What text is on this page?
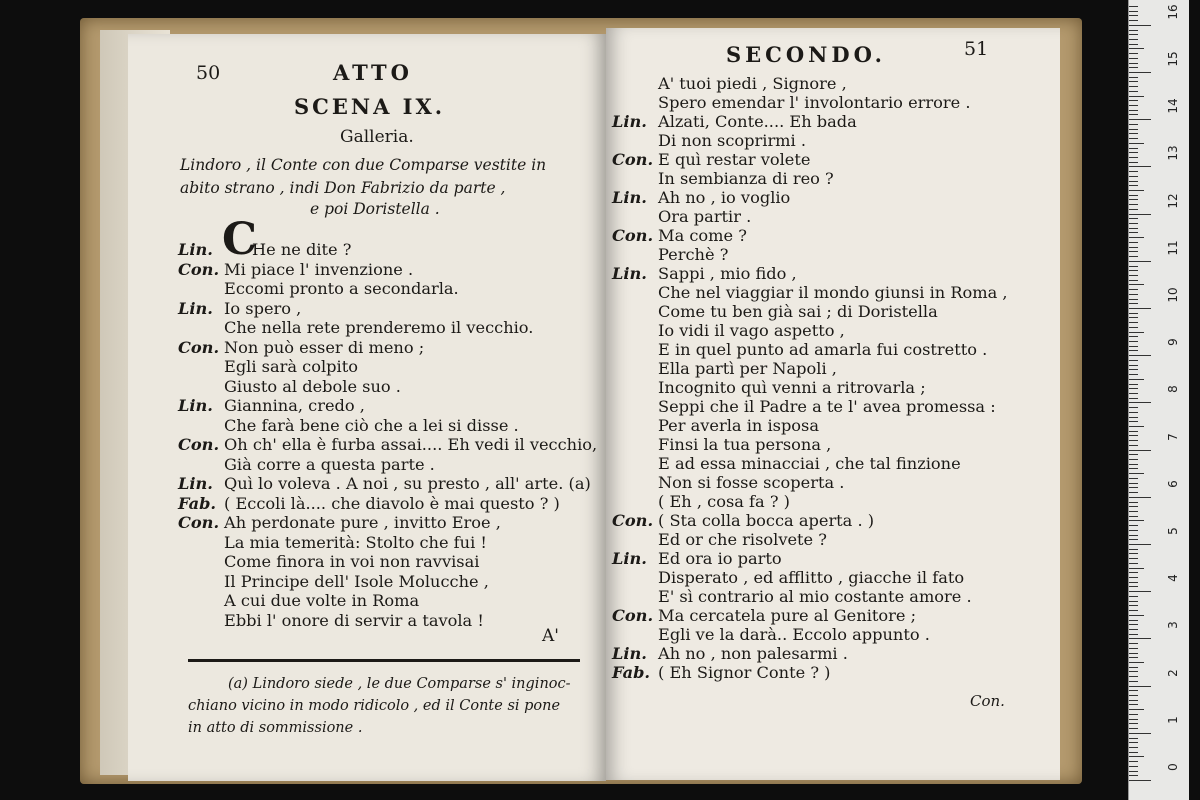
50	ATTO
SCENA IX.
Galleria.
Lindoro , il Conte con due Comparse vestite in
abito strano , indi Don Fabrizio da parte ,
e poi Doristella .
Lin. C
He ne dite ?
Con. Mi piace l' invenzione .
Eccomi pronto a secondarla.
Lin. Io spero ,
Che nella rete prenderemo il vecchio.
Con. Non può esser di meno ;
Egli sarà colpito
Giusto al debole suo .
Lin. Giannina, credo ,
Che farà bene ciò che a lei si disse .
Con. Oh ch' ella è furba assai.... Eh vedi il vecchio,
Già corre a questa parte .
Lin. Quì lo voleva . A noi , su presto , all' arte. (a)
Fab. ( Eccoli là.... che diavolo è mai questo ? )
Con. Ah perdonate pure , invitto Eroe ,
La mia temerità: Stolto che fui !
Come finora in voi non ravvisai
Il Principe dell' Isole Molucche ,
A cui due volte in Roma
Ebbi l' onore di servir a tavola !
A'
(a) Lindoro siede , le due Comparse s' inginoc-
chiano vicino in modo ridicolo , ed il Conte si pone
in atto di sommissione .
SECONDO.	51
A' tuoi piedi , Signore ,
Spero emendar l' involontario errore .
Lin. Alzati, Conte.... Eh bada
Di non scoprirmi .
Con. E quì restar volete
In sembianza di reo ?
Lin. Ah no , io voglio
Ora partir .
Con. Ma come ?
Perchè ?
Lin. Sappi , mio fido ,
Che nel viaggiar il mondo giunsi in Roma ,
Come tu ben già sai ; di Doristella
Io vidi il vago aspetto ,
E in quel punto ad amarla fui costretto .
Ella partì per Napoli ,
Incognito quì venni a ritrovarla ;
Seppi che il Padre a te l' avea promessa :
Per averla in isposa
Finsi la tua persona ,
E ad essa minacciai , che tal finzione
Non si fosse scoperta .
( Eh , cosa fa ? )
Con. ( Sta colla bocca aperta . )
Ed or che risolvete ?
Lin. Ed ora io parto
Disperato , ed afflitto , giacche il fato
E' sì contrario al mio costante amore .
Con. Ma cercatela pure al Genitore ;
Egli ve la darà.. Eccolo appunto .
Lin. Ah no , non palesarmi .
Fab. ( Eh Signor Conte ? )
Con.
0
1
2
3
4
5
6
7
8
9
10
11
12
13
14
15
16
